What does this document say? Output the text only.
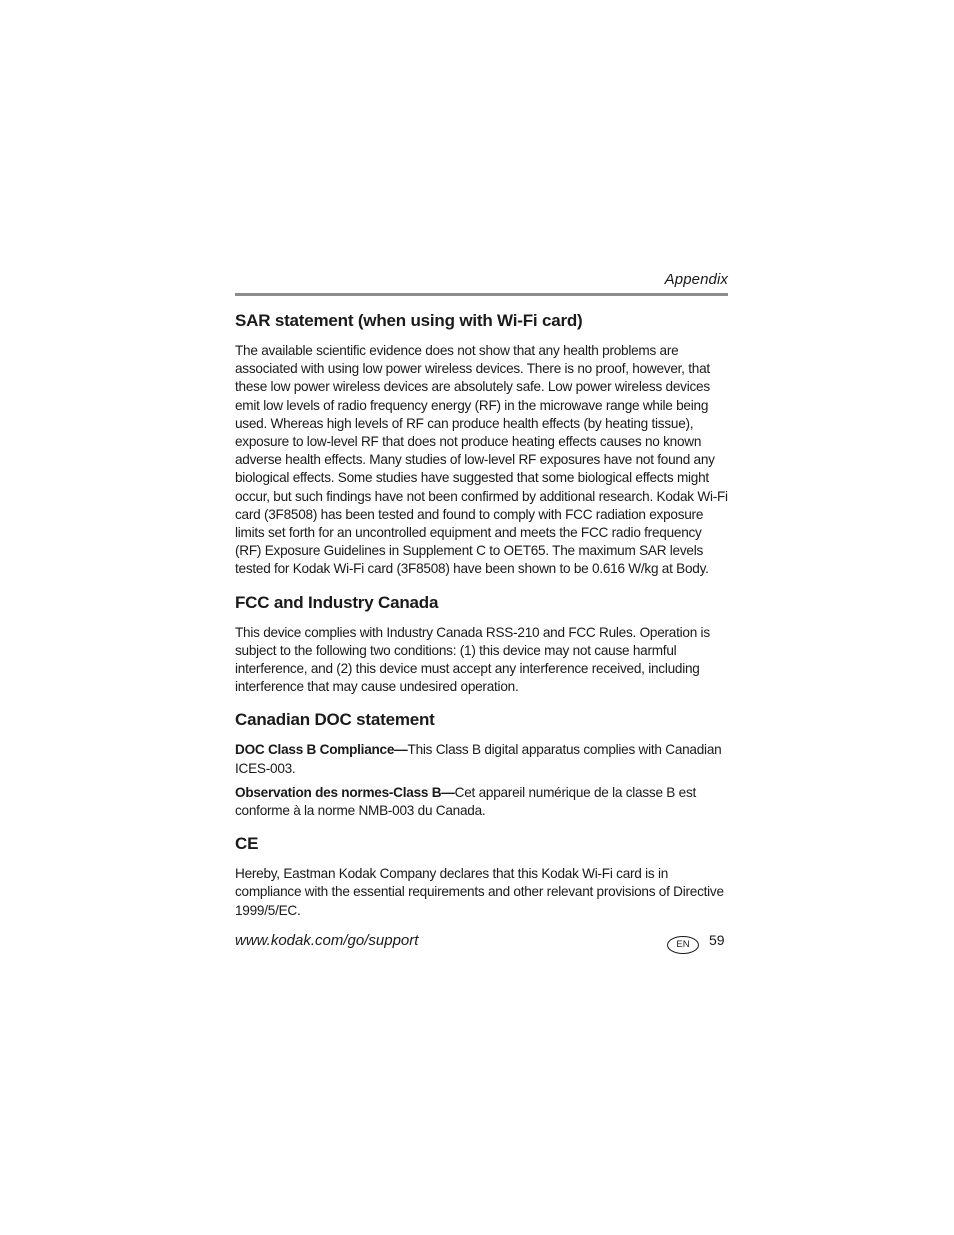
Appendix
SAR statement (when using with Wi-Fi card)

The available scientific evidence does not show that any health problems are associated with using low power wireless devices. There is no proof, however, that these low power wireless devices are absolutely safe. Low power wireless devices emit low levels of radio frequency energy (RF) in the microwave range while being used. Whereas high levels of RF can produce health effects (by heating tissue), exposure to low-level RF that does not produce heating effects causes no known adverse health effects. Many studies of low-level RF exposures have not found any biological effects. Some studies have suggested that some biological effects might occur, but such findings have not been confirmed by additional research. Kodak Wi-Fi card (3F8508) has been tested and found to comply with FCC radiation exposure limits set forth for an uncontrolled equipment and meets the FCC radio frequency (RF) Exposure Guidelines in Supplement C to OET65. The maximum SAR levels tested for Kodak Wi-Fi card (3F8508) have been shown to be 0.616 W/kg at Body.

FCC and Industry Canada

This device complies with Industry Canada RSS-210 and FCC Rules. Operation is subject to the following two conditions: (1) this device may not cause harmful interference, and (2) this device must accept any interference received, including interference that may cause undesired operation.

Canadian DOC statement

DOC Class B Compliance—This Class B digital apparatus complies with Canadian ICES-003.

Observation des normes-Class B—Cet appareil numérique de la classe B est conforme à la norme NMB-003 du Canada.

CE

Hereby, Eastman Kodak Company declares that this Kodak Wi-Fi card is in compliance with the essential requirements and other relevant provisions of Directive 1999/5/EC.

www.kodak.com/go/support	EN	59
